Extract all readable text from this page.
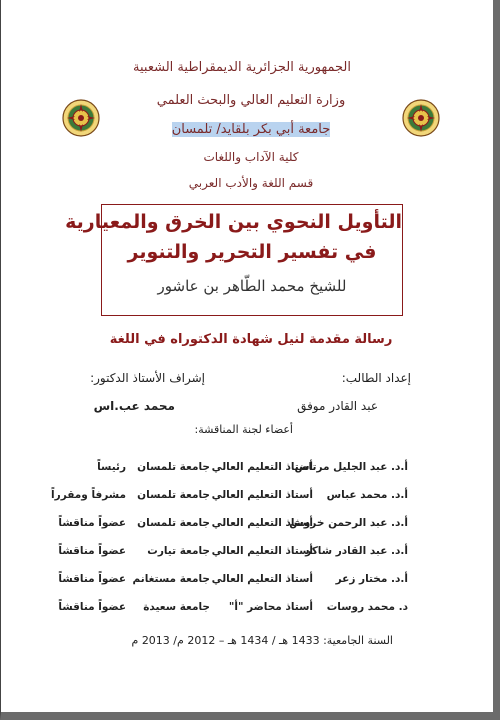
الجمهورية الجزائرية الديمقراطية الشعبية
وزارة التعليم العالي والبحث العلمي
جامعة أبي بكر بلقايد/ تلمسان
كلية الآداب واللغات
قسم اللغة والأدب العربي
التأويل النحوي بين الخرق والمعيارية
في تفسير التحرير والتنوير
للشيخ محمد الطّاهر بن عاشور
رسالة مقدمة لنيل شهادة الدكتوراه في اللغة
إعداد الطالب:
إشراف الأستاذ الدكتور:
عبد القادر موفق
محمد عب.اس
أعضاء لجنة المناقشة:
أ.د. عبد الجليل مرتاض
أستاذ التعليم العالي
جامعة تلمسان
رئيساً
أ.د. محمد عباس
أستاذ التعليم العالي
جامعة تلمسان
مشرفاً ومقرراً
أ.د. عبد الرحمن خروش
أستاذ التعليم العالي
جامعة تلمسان
عضواً مناقشاً
أ.د. عبد القادر شاكر
أستاذ التعليم العالي
جامعة تيارت
عضواً مناقشاً
أ.د. مختار زعر
أستاذ التعليم العالي
جامعة مستغانم
عضواً مناقشاً
د. محمد روسات
أستاذ محاضر "أ"
جامعة سعيدة
عضواً مناقشاً
السنة الجامعية: 1433 هـ / 1434 هـ – 2012 م/ 2013 م
